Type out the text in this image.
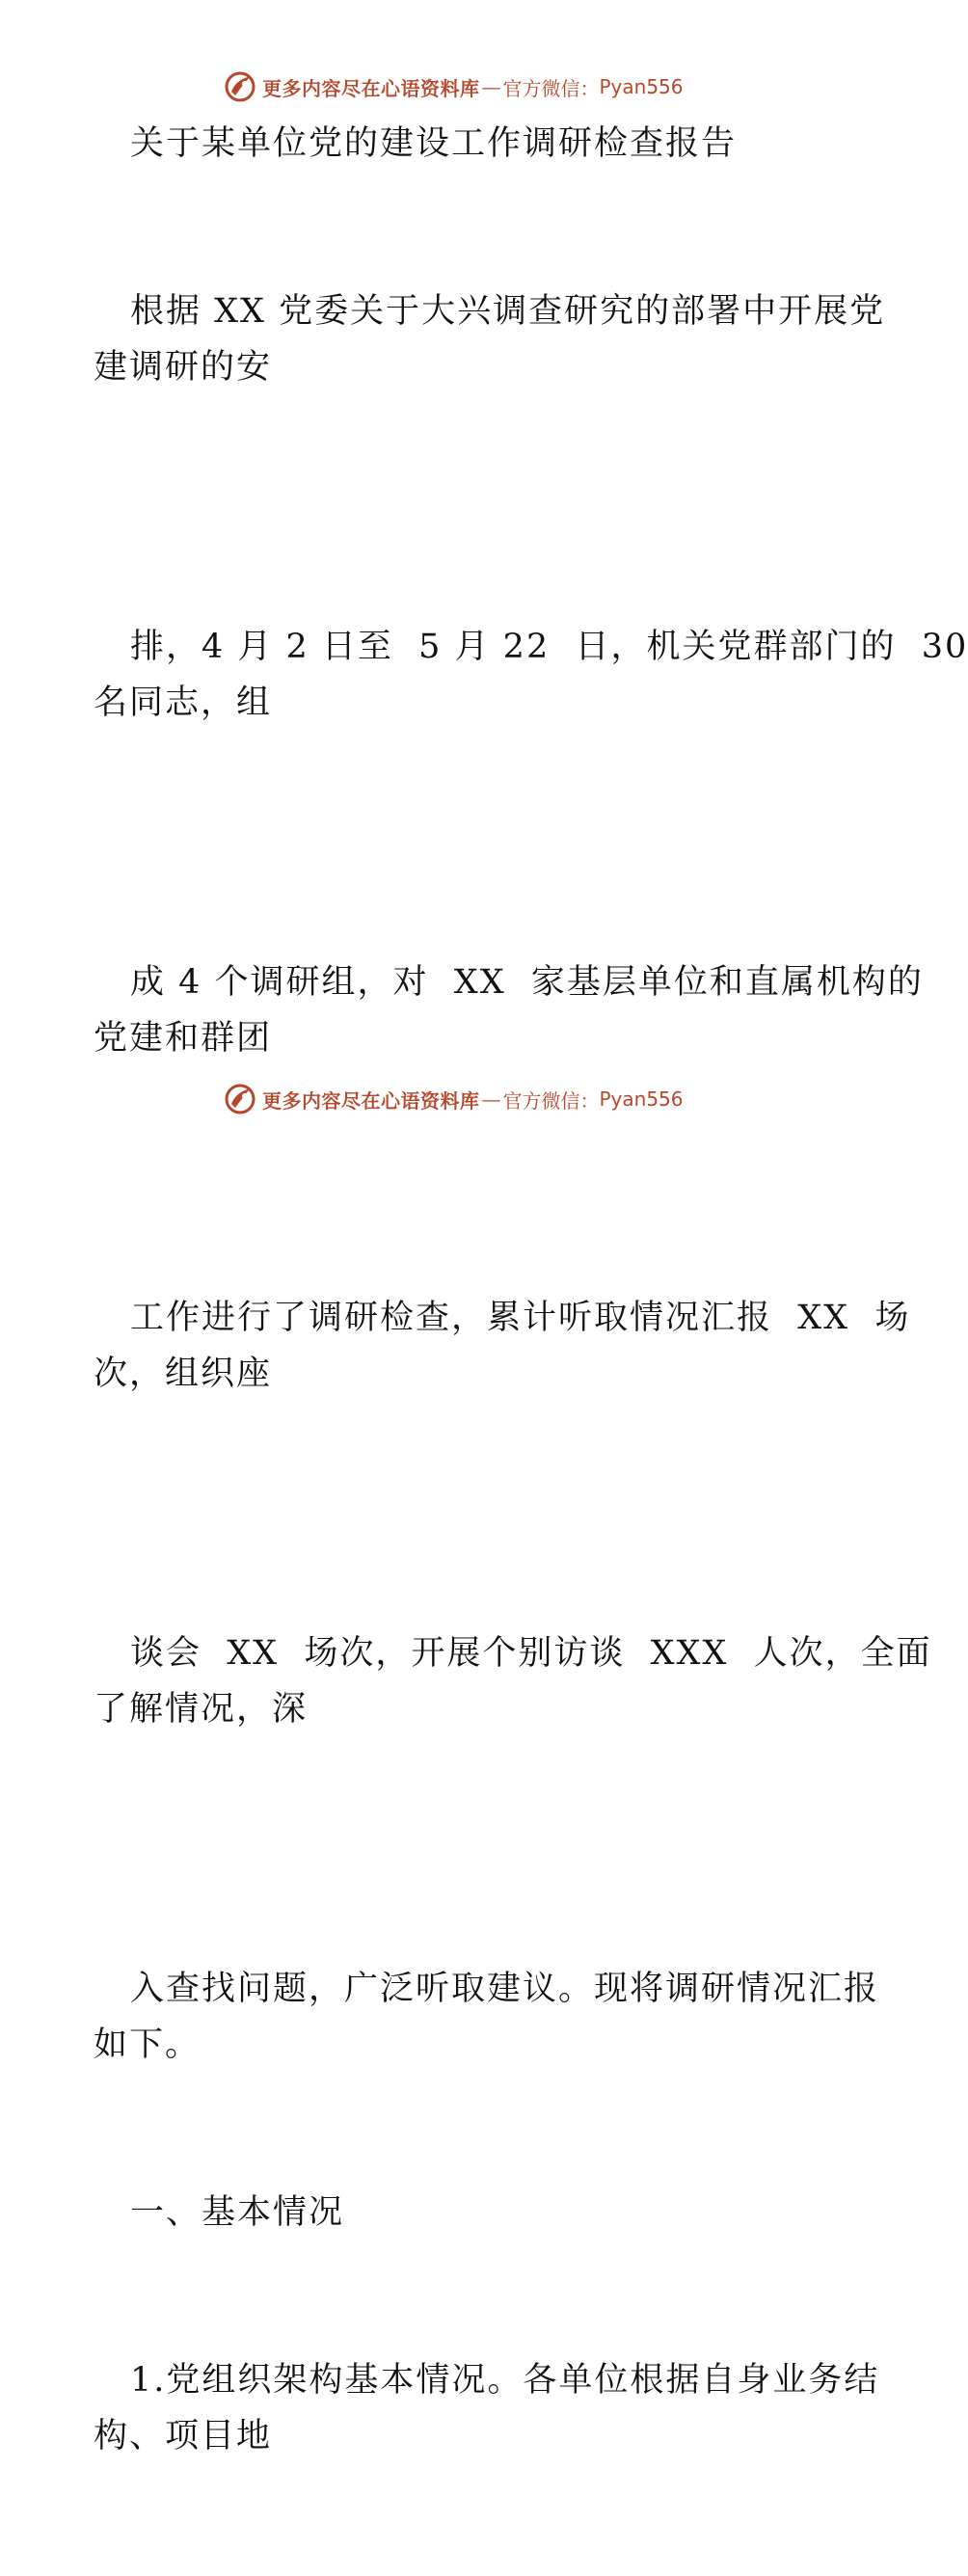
更多内容尽在心语资料库 — 官方微信： Pyan556

关于某单位党的建设工作调研检查报告

根据 XX 党委关于大兴调查研究的部署中开展党
建调研的安

排，4 月 2 日至  5 月 22  日，机关党群部门的  30
名同志，组

成 4 个调研组，对  XX  家基层单位和直属机构的
党建和群团

工作进行了调研检查，累计听取情况汇报  XX  场
次，组织座

谈会  XX  场次，开展个别访谈  XXX  人次，全面
了解情况，深

入查找问题，广泛听取建议。现将调研情况汇报
如下。

一、基本情况

1.党组织架构基本情况。各单位根据自身业务结
构、项目地

更多内容尽在心语资料库 — 官方微信： Pyan556
